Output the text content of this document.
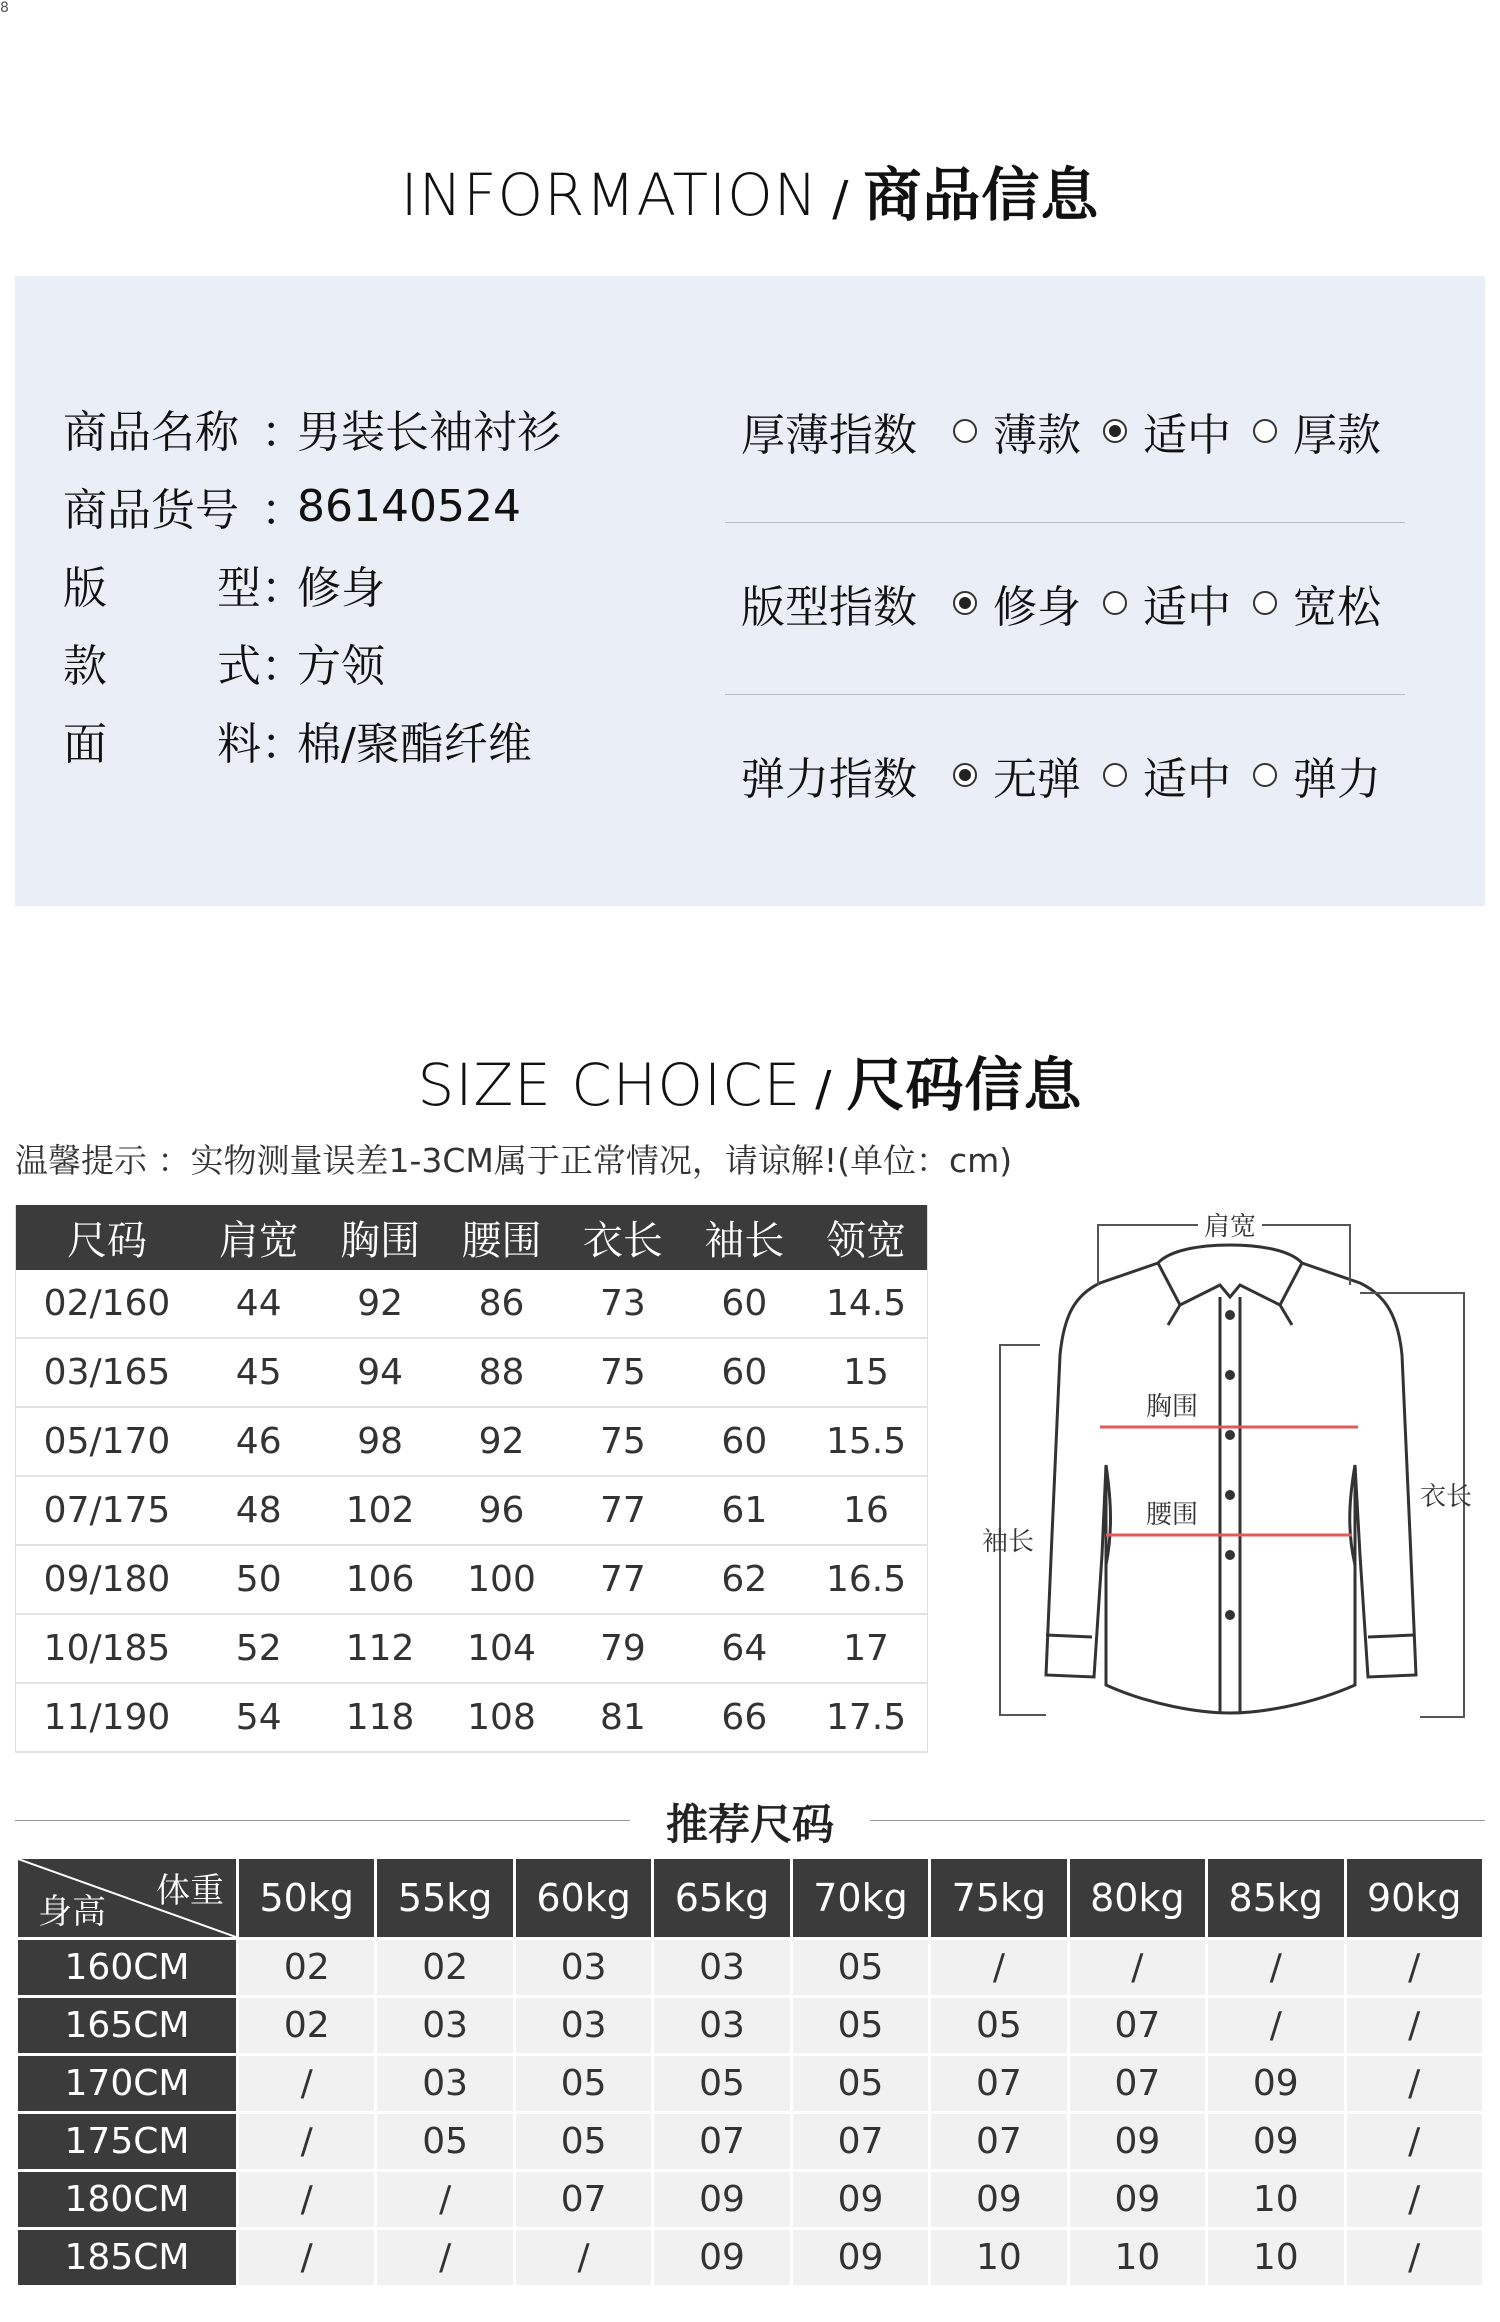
8
INFORMATION / 商品信息
商品名称 ：
男装长袖衬衫
商品货号 ：
86140524
版	型 ：
修身
款	式 ：
方领
面	料 ：
棉/聚酯纤维
厚薄指数	薄款 适中 厚款
版型指数	修身 适中 宽松
弹力指数	无弹 适中 弹力
SIZE CHOICE / 尺码信息
温馨提示 ：实物测量误差1-3CM属于正常情况，请谅解!(单位：cm)
尺码	肩宽	胸围	腰围	衣长	袖长	领宽
02/160	44	92	86	73	60	14.5
03/165	45	94	88	75	60	15
05/170	46	98	92	75	60	15.5
07/175	48	102	96	77	61	16
09/180	50	106	100	77	62	16.5
10/185	52	112	104	79	64	17
11/190	54	118	108	81	66	17.5
肩宽
胸围
腰围
袖长
衣长
推荐尺码
体重
身高	50kg	55kg	60kg	65kg	70kg	75kg	80kg	85kg	90kg
160CM	02	02	03	03	05	/	/	/	/
165CM	02	03	03	03	05	05	07	/	/
170CM	/	03	05	05	05	07	07	09	/
175CM	/	05	05	07	07	07	09	09	/
180CM	/	/	07	09	09	09	09	10	/
185CM	/	/	/	09	09	10	10	10	/
